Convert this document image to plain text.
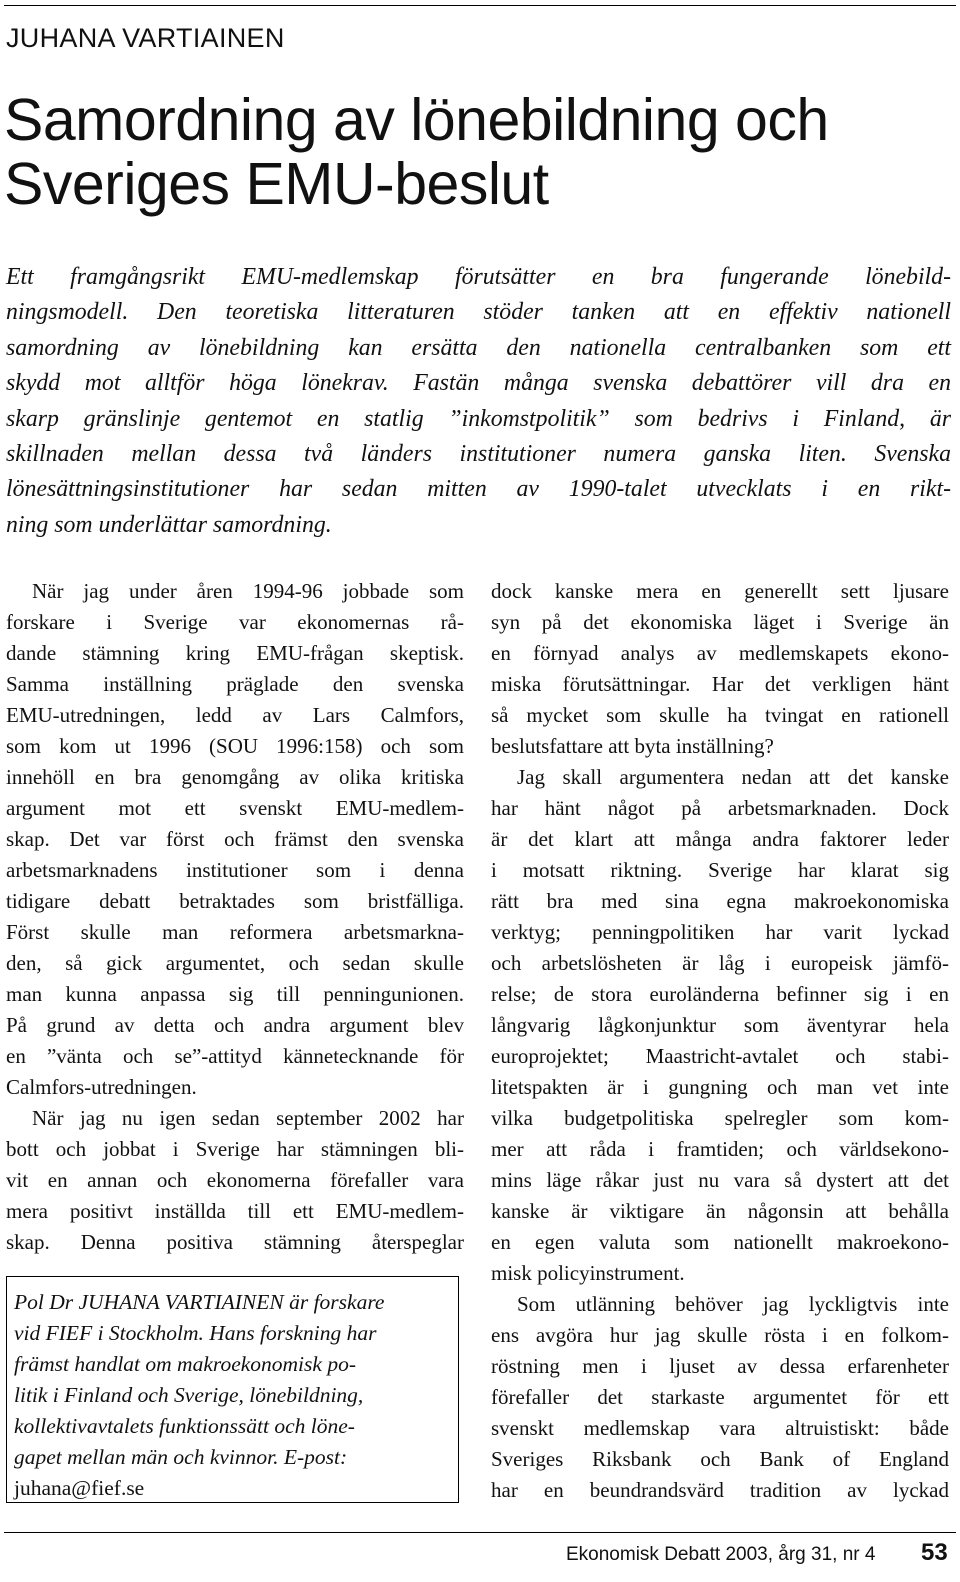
JUHANA VARTIAINEN
Samordning av lönebildning och
Sveriges EMU-beslut

Ett framgångsrikt EMU-medlemskap förutsätter en bra fungerande lönebild-
ningsmodell. Den teoretiska litteraturen stöder tanken att en effektiv nationell
samordning av lönebildning kan ersätta den nationella centralbanken som ett
skydd mot alltför höga lönekrav. Fastän många svenska debattörer vill dra en
skarp gränslinje gentemot en statlig ”inkomstpolitik” som bedrivs i Finland, är
skillnaden mellan dessa två länders institutioner numera ganska liten. Svenska
lönesättningsinstitutioner har sedan mitten av 1990-talet utvecklats i en rikt-
ning som underlättar samordning.

När jag under åren 1994-96 jobbade som
forskare i Sverige var ekonomernas rå-
dande stämning kring EMU-frågan skeptisk.
Samma inställning präglade den svenska
EMU-utredningen, ledd av Lars Calmfors,
som kom ut 1996 (SOU 1996:158) och som
innehöll en bra genomgång av olika kritiska
argument mot ett svenskt EMU-medlem-
skap. Det var först och främst den svenska
arbetsmarknadens institutioner som i denna
tidigare debatt betraktades som bristfälliga.
Först skulle man reformera arbetsmarkna-
den, så gick argumentet, och sedan skulle
man kunna anpassa sig till penningunionen.
På grund av detta och andra argument blev
en ”vänta och se”-attityd kännetecknande för
Calmfors-utredningen.

När jag nu igen sedan september 2002 har
bott och jobbat i Sverige har stämningen bli-
vit en annan och ekonomerna förefaller vara
mera positivt inställda till ett EMU-medlem-
skap. Denna positiva stämning återspeglar

Pol Dr JUHANA VARTIAINEN är forskare
vid FIEF i Stockholm. Hans forskning har
främst handlat om makroekonomisk po-
litik i Finland och Sverige, lönebildning,
kollektivavtalets funktionssätt och löne-
gapet mellan män och kvinnor. E-post:
juhana@fief.se

dock kanske mera en generellt sett ljusare
syn på det ekonomiska läget i Sverige än
en förnyad analys av medlemskapets ekono-
miska förutsättningar. Har det verkligen hänt
så mycket som skulle ha tvingat en rationell
beslutsfattare att byta inställning?

Jag skall argumentera nedan att det kanske
har hänt något på arbetsmarknaden. Dock
är det klart att många andra faktorer leder
i motsatt riktning. Sverige har klarat sig
rätt bra med sina egna makroekonomiska
verktyg; penningpolitiken har varit lyckad
och arbetslösheten är låg i europeisk jämfö-
relse; de stora euroländerna befinner sig i en
långvarig lågkonjunktur som äventyrar hela
europrojektet; Maastricht-avtalet och stabi-
litetspakten är i gungning och man vet inte
vilka budgetpolitiska spelregler som kom-
mer att råda i framtiden; och världsekono-
mins läge råkar just nu vara så dystert att det
kanske är viktigare än någonsin att behålla
en egen valuta som nationellt makroekono-
misk policyinstrument.

Som utlänning behöver jag lyckligtvis inte
ens avgöra hur jag skulle rösta i en folkom-
röstning men i ljuset av dessa erfarenheter
förefaller det starkaste argumentet för ett
svenskt medlemskap vara altruistiskt: både
Sveriges Riksbank och Bank of England
har en beundrandsvärd tradition av lyckad

Ekonomisk Debatt 2003, årg 31, nr 4 53
